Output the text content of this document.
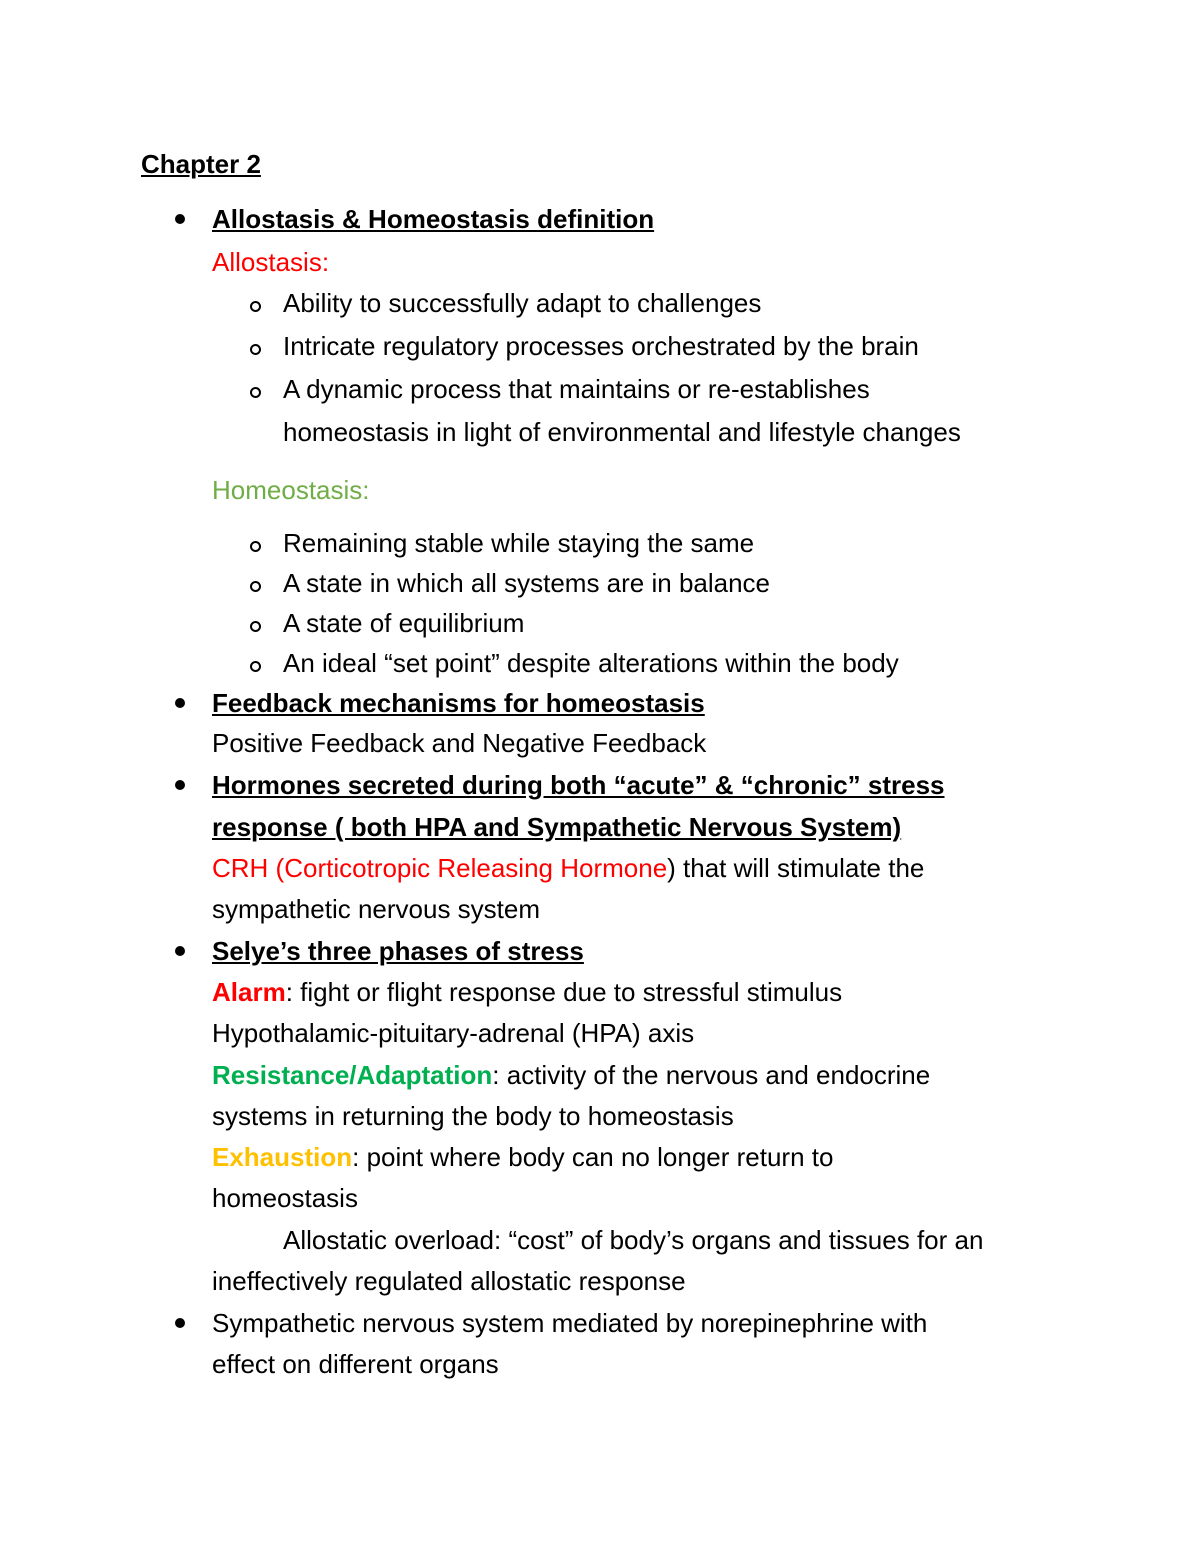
Chapter 2
Allostasis & Homeostasis definition
Allostasis:
Ability to successfully adapt to challenges
Intricate regulatory processes orchestrated by the brain
A dynamic process that maintains or re-establishes
homeostasis in light of environmental and lifestyle changes
Homeostasis:
Remaining stable while staying the same
A state in which all systems are in balance
A state of equilibrium
An ideal “set point” despite alterations within the body
Feedback mechanisms for homeostasis
Positive Feedback and Negative Feedback
Hormones secreted during both “acute” & “chronic” stress
response ( both HPA and Sympathetic Nervous System)
CRH (Corticotropic Releasing Hormone) that will stimulate the
sympathetic nervous system
Selye’s three phases of stress
Alarm: fight or flight response due to stressful stimulus
Hypothalamic-pituitary-adrenal (HPA) axis
Resistance/Adaptation: activity of the nervous and endocrine
systems in returning the body to homeostasis
Exhaustion: point where body can no longer return to
homeostasis
Allostatic overload: “cost” of body’s organs and tissues for an
ineffectively regulated allostatic response
Sympathetic nervous system mediated by norepinephrine with
effect on different organs
